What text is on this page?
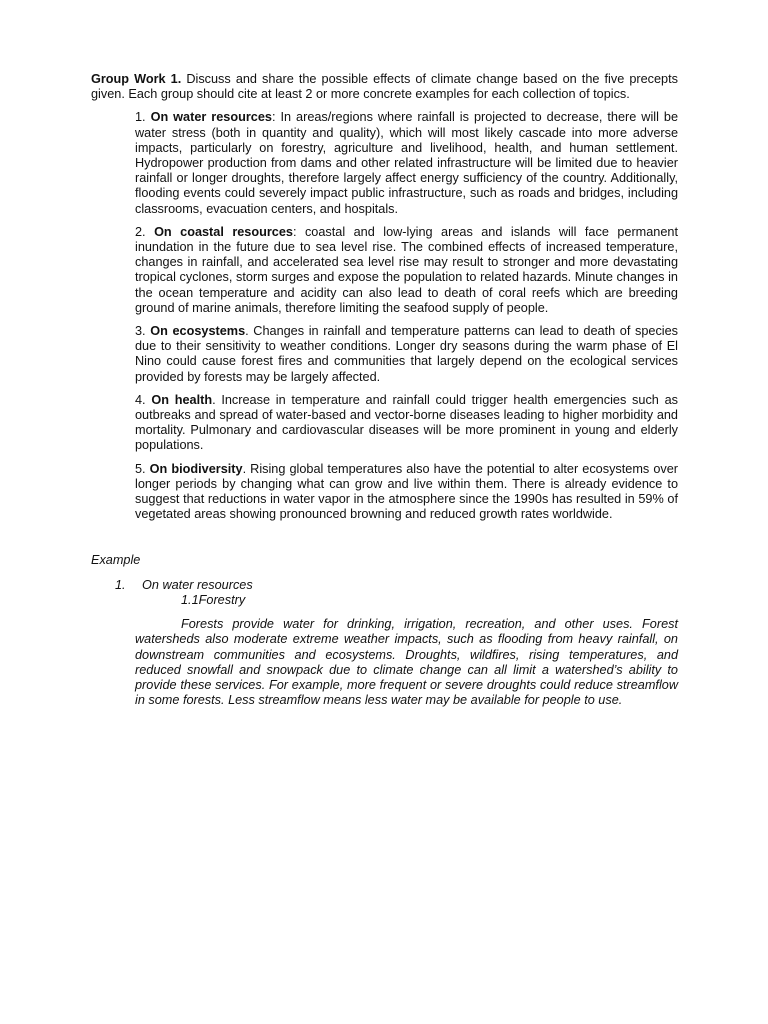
Group Work 1. Discuss and share the possible effects of climate change based on the five precepts given. Each group should cite at least 2 or more concrete examples for each collection of topics.

1. On water resources: In areas/regions where rainfall is projected to decrease, there will be water stress (both in quantity and quality), which will most likely cascade into more adverse impacts, particularly on forestry, agriculture and livelihood, health, and human settlement. Hydropower production from dams and other related infrastructure will be limited due to heavier rainfall or longer droughts, therefore largely affect energy sufficiency of the country. Additionally, flooding events could severely impact public infrastructure, such as roads and bridges, including classrooms, evacuation centers, and hospitals.

2. On coastal resources: coastal and low-lying areas and islands will face permanent inundation in the future due to sea level rise. The combined effects of increased temperature, changes in rainfall, and accelerated sea level rise may result to stronger and more devastating tropical cyclones, storm surges and expose the population to related hazards. Minute changes in the ocean temperature and acidity can also lead to death of coral reefs which are breeding ground of marine animals, therefore limiting the seafood supply of people.

3. On ecosystems. Changes in rainfall and temperature patterns can lead to death of species due to their sensitivity to weather conditions. Longer dry seasons during the warm phase of El Nino could cause forest fires and communities that largely depend on the ecological services provided by forests may be largely affected.

4. On health. Increase in temperature and rainfall could trigger health emergencies such as outbreaks and spread of water-based and vector-borne diseases leading to higher morbidity and mortality. Pulmonary and cardiovascular diseases will be more prominent in young and elderly populations.

5. On biodiversity. Rising global temperatures also have the potential to alter ecosystems over longer periods by changing what can grow and live within them. There is already evidence to suggest that reductions in water vapor in the atmosphere since the 1990s has resulted in 59% of vegetated areas showing pronounced browning and reduced growth rates worldwide.

Example

1. On water resources

1.1Forestry

Forests provide water for drinking, irrigation, recreation, and other uses. Forest watersheds also moderate extreme weather impacts, such as flooding from heavy rainfall, on downstream communities and ecosystems. Droughts, wildfires, rising temperatures, and reduced snowfall and snowpack due to climate change can all limit a watershed’s ability to provide these services. For example, more frequent or severe droughts could reduce streamflow in some forests. Less streamflow means less water may be available for people to use.
